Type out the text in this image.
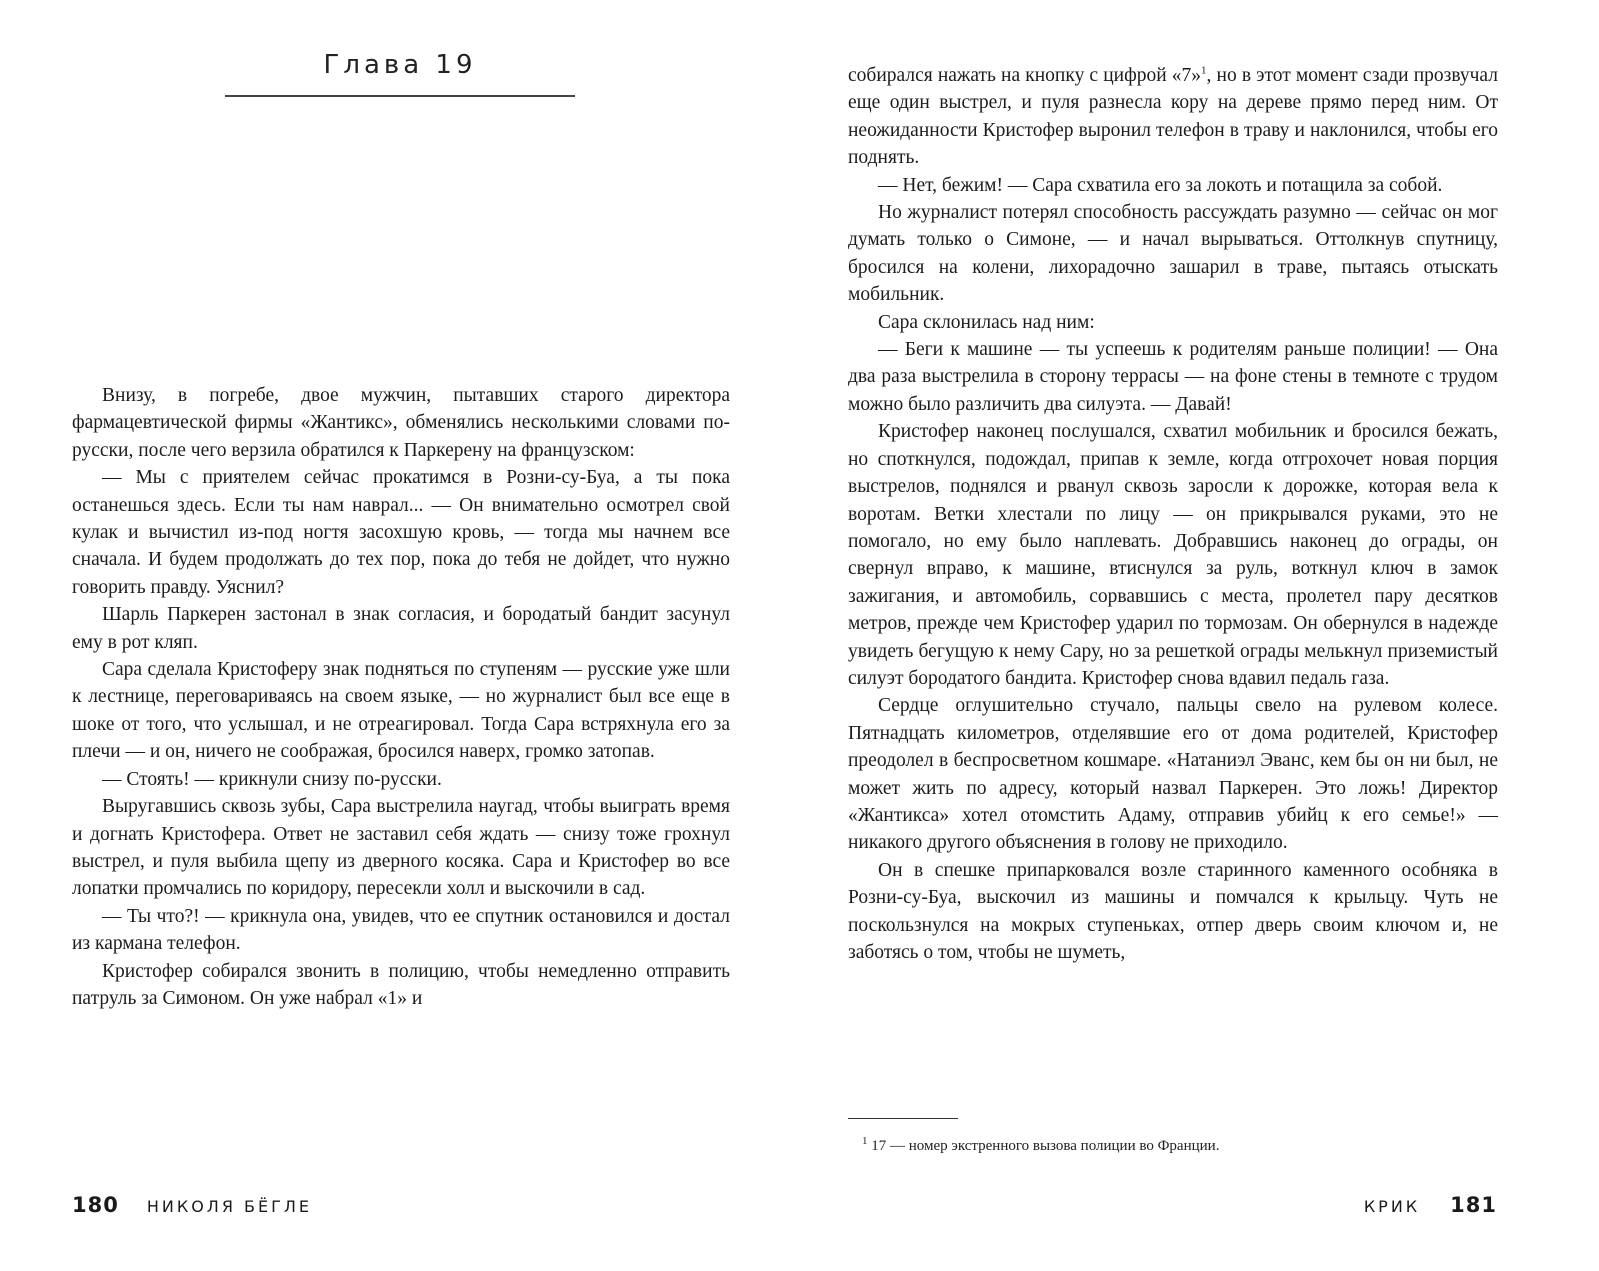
Глава 19

Внизу, в погребе, двое мужчин, пытавших старого директора фармацевтической фирмы «Жантикс», обменялись несколькими словами по-русски, после чего верзила обратился к Паркерену на французском:

— Мы с приятелем сейчас прокатимся в Розни-су-Буа, а ты пока останешься здесь. Если ты нам наврал... — Он внимательно осмотрел свой кулак и вычистил из-под ногтя засохшую кровь, — тогда мы начнем все сначала. И будем продолжать до тех пор, пока до тебя не дойдет, что нужно говорить правду. Уяснил?

Шарль Паркерен застонал в знак согласия, и бородатый бандит засунул ему в рот кляп.

Сара сделала Кристоферу знак подняться по ступеням — русские уже шли к лестнице, переговариваясь на своем языке, — но журналист был все еще в шоке от того, что услышал, и не отреагировал. Тогда Сара встряхнула его за плечи — и он, ничего не соображая, бросился наверх, громко затопав.

— Стоять! — крикнули снизу по-русски.

Выругавшись сквозь зубы, Сара выстрелила наугад, чтобы выиграть время и догнать Кристофера. Ответ не заставил себя ждать — снизу тоже грохнул выстрел, и пуля выбила щепу из дверного косяка. Сара и Кристофер во все лопатки промчались по коридору, пересекли холл и выскочили в сад.

— Ты что?! — крикнула она, увидев, что ее спутник остановился и достал из кармана телефон.

Кристофер собирался звонить в полицию, чтобы немедленно отправить патруль за Симоном. Он уже набрал «1» и

180 НИКОЛЯ БЁГЛЕ

собирался нажать на кнопку с цифрой «7»$^1$, но в этот момент сзади прозвучал еще один выстрел, и пуля разнесла кору на дереве прямо перед ним. От неожиданности Кристофер выронил телефон в траву и наклонился, чтобы его поднять.

— Нет, бежим! — Сара схватила его за локоть и потащила за собой.

Но журналист потерял способность рассуждать разумно — сейчас он мог думать только о Симоне, — и начал вырываться. Оттолкнув спутницу, бросился на колени, лихорадочно зашарил в траве, пытаясь отыскать мобильник.

Сара склонилась над ним:

— Беги к машине — ты успеешь к родителям раньше полиции! — Она два раза выстрелила в сторону террасы — на фоне стены в темноте с трудом можно было различить два силуэта. — Давай!

Кристофер наконец послушался, схватил мобильник и бросился бежать, но споткнулся, подождал, припав к земле, когда отгрохочет новая порция выстрелов, поднялся и рванул сквозь заросли к дорожке, которая вела к воротам. Ветки хлестали по лицу — он прикрывался руками, это не помогало, но ему было наплевать. Добравшись наконец до ограды, он свернул вправо, к машине, втиснулся за руль, воткнул ключ в замок зажигания, и автомобиль, сорвавшись с места, пролетел пару десятков метров, прежде чем Кристофер ударил по тормозам. Он обернулся в надежде увидеть бегущую к нему Сару, но за решеткой ограды мелькнул приземистый силуэт бородатого бандита. Кристофер снова вдавил педаль газа.

Сердце оглушительно стучало, пальцы свело на рулевом колесе. Пятнадцать километров, отделявшие его от дома родителей, Кристофер преодолел в беспросветном кошмаре. «Натаниэл Эванс, кем бы он ни был, не может жить по адресу, который назвал Паркерен. Это ложь! Директор «Жантикса» хотел отомстить Адаму, отправив убийц к его семье!» — никакого другого объяснения в голову не приходило.

Он в спешке припарковался возле старинного каменного особняка в Розни-су-Буа, выскочил из машины и помчался к крыльцу. Чуть не поскользнулся на мокрых ступеньках, отпер дверь своим ключом и, не заботясь о том, чтобы не шуметь,

$^1$ 17 — номер экстренного вызова полиции во Франции.

КРИК 181
